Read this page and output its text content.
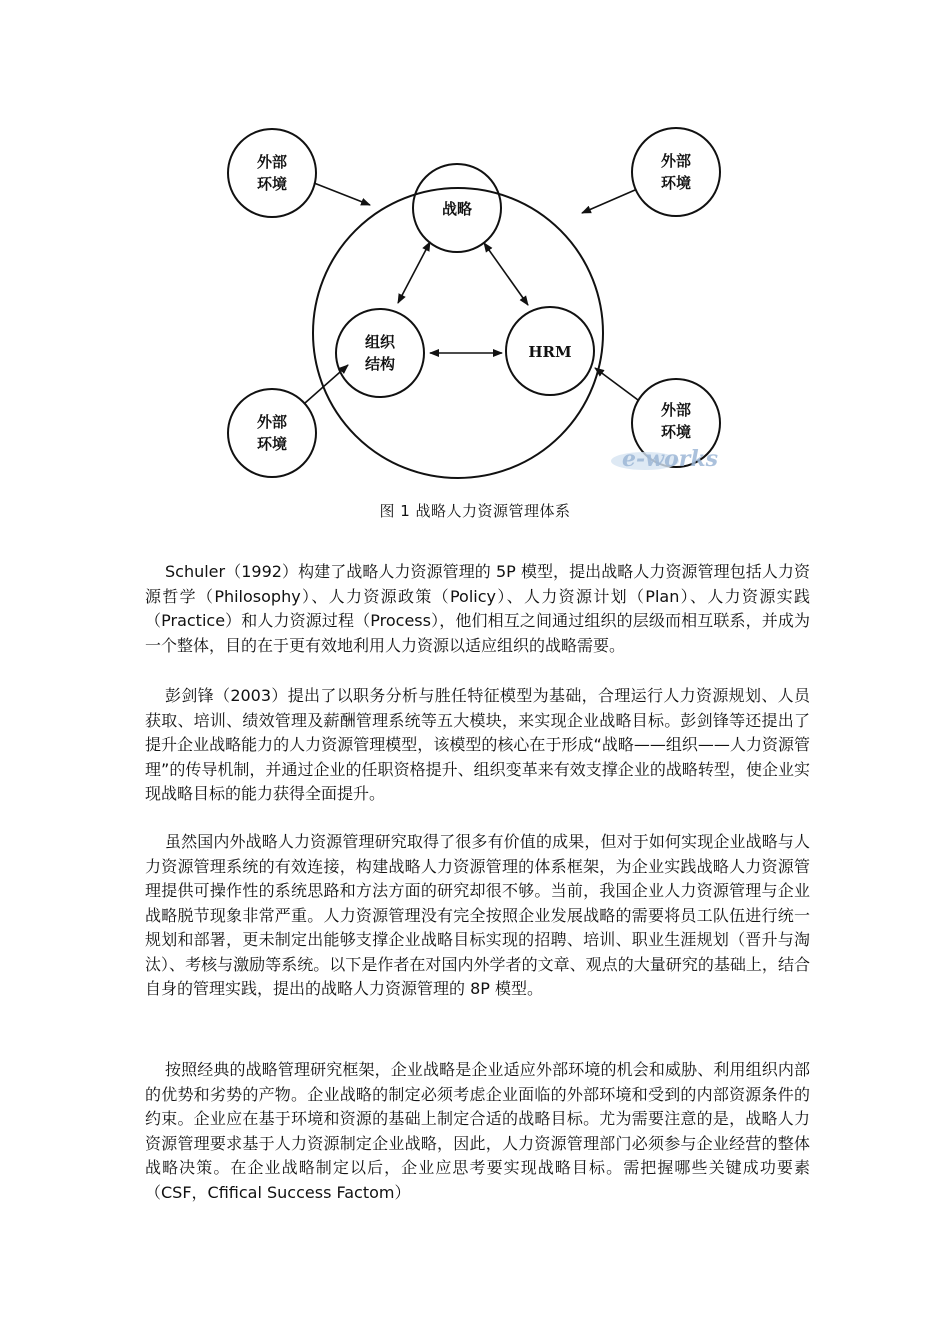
战略
组织
结构
HRM
外部
环境
外部
环境
外部
环境
外部
环境
e-works
图 1 战略人力资源管理体系

Schuler（1992）构建了战略人力资源管理的 5P 模型，提出战略人力资源管理包括人力资源哲学（Philosophy）、人力资源政策（Policy）、人力资源计划（Plan）、人力资源实践（Practice）和人力资源过程（Process），他们相互之间通过组织的层级而相互联系，并成为一个整体，目的在于更有效地利用人力资源以适应组织的战略需要。

彭剑锋（2003）提出了以职务分析与胜任特征模型为基础，合理运行人力资源规划、人员获取、培训、绩效管理及薪酬管理系统等五大模块，来实现企业战略目标。彭剑锋等还提出了提升企业战略能力的人力资源管理模型，该模型的核心在于形成“战略——组织——人力资源管理”的传导机制，并通过企业的任职资格提升、组织变革来有效支撑企业的战略转型，使企业实现战略目标的能力获得全面提升。

虽然国内外战略人力资源管理研究取得了很多有价值的成果，但对于如何实现企业战略与人力资源管理系统的有效连接，构建战略人力资源管理的体系框架，为企业实践战略人力资源管理提供可操作性的系统思路和方法方面的研究却很不够。当前，我国企业人力资源管理与企业战略脱节现象非常严重。人力资源管理没有完全按照企业发展战略的需要将员工队伍进行统一规划和部署，更未制定出能够支撑企业战略目标实现的招聘、培训、职业生涯规划（晋升与淘汰）、考核与激励等系统。以下是作者在对国内外学者的文章、观点的大量研究的基础上，结合自身的管理实践，提出的战略人力资源管理的 8P 模型。

按照经典的战略管理研究框架，企业战略是企业适应外部环境的机会和威胁、利用组织内部的优势和劣势的产物。企业战略的制定必须考虑企业面临的外部环境和受到的内部资源条件的约束。企业应在基于环境和资源的基础上制定合适的战略目标。尤为需要注意的是，战略人力资源管理要求基于人力资源制定企业战略，因此，人力资源管理部门必须参与企业经营的整体战略决策。在企业战略制定以后，企业应思考要实现战略目标。需把握哪些关键成功要素（CSF，Cfifical Success Factom）
